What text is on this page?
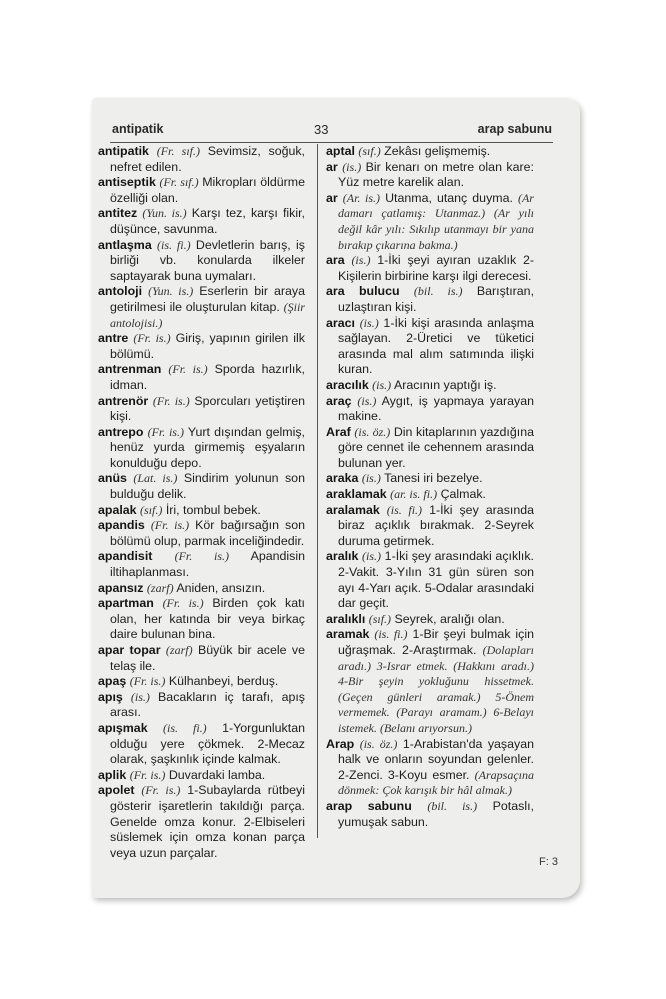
antipatik	33	arap sabunu

antipatik (Fr. sıf.) Sevimsiz, soğuk, nefret edilen.

antiseptik (Fr. sıf.) Mikropları öldürme özelliği olan.

antitez (Yun. is.) Karşı tez, karşı fikir, düşünce, savunma.

antlaşma (is. fi.) Devletlerin barış, iş birliği vb. konularda ilkeler saptayarak buna uymaları.

antoloji (Yun. is.) Eserlerin bir araya getirilmesi ile oluşturulan kitap. (Şiir antolojisi.)

antre (Fr. is.) Giriş, yapının girilen ilk bölümü.

antrenman (Fr. is.) Sporda hazırlık, idman.

antrenör (Fr. is.) Sporcuları yetiştiren kişi.

antrepo (Fr. is.) Yurt dışından gelmiş, henüz yurda girmemiş eşyaların konulduğu depo.

anüs (Lat. is.) Sindirim yolunun son bulduğu delik.

apalak (sıf.) İri, tombul bebek.

apandis (Fr. is.) Kör bağırsağın son bölümü olup, parmak inceliğindedir.

apandisit (Fr. is.) Apandisin iltihaplanması.

apansız (zarf) Aniden, ansızın.

apartman (Fr. is.) Birden çok katı olan, her katında bir veya birkaç daire bulunan bina.

apar topar (zarf) Büyük bir acele ve telaş ile.

apaş (Fr. is.) Külhanbeyi, berduş.

apış (is.) Bacakların iç tarafı, apış arası.

apışmak (is. fi.) 1-Yorgunluktan olduğu yere çökmek. 2-Mecaz olarak, şaşkınlık içinde kalmak.

aplik (Fr. is.) Duvardaki lamba.

apolet (Fr. is.) 1-Subaylarda rütbeyi gösterir işaretlerin takıldığı parça. Genelde omza konur. 2-Elbiseleri süslemek için omza konan parça veya uzun parçalar.

aptal (sıf.) Zekâsı gelişmemiş.

ar (is.) Bir kenarı on metre olan kare: Yüz metre karelik alan.

ar (Ar. is.) Utanma, utanç duyma. (Ar damarı çatlamış: Utanmaz.) (Ar yılı değil kâr yılı: Sıkılıp utanmayı bir yana bırakıp çıkarına bakma.)

ara (is.) 1-İki şeyi ayıran uzaklık 2-Kişilerin birbirine karşı ilgi derecesi.

ara bulucu (bil. is.) Barıştıran, uzlaştıran kişi.

aracı (is.) 1-İki kişi arasında anlaşma sağlayan. 2-Üretici ve tüketici arasında mal alım satımında ilişki kuran.

aracılık (is.) Aracının yaptığı iş.

araç (is.) Aygıt, iş yapmaya yarayan makine.

Araf (is. öz.) Din kitaplarının yazdığına göre cennet ile cehennem arasında bulunan yer.

araka (is.) Tanesi iri bezelye.

araklamak (ar. is. fi.) Çalmak.

aralamak (is. fi.) 1-İki şey arasında biraz açıklık bırakmak. 2-Seyrek duruma getirmek.

aralık (is.) 1-İki şey arasındaki açıklık. 2-Vakit. 3-Yılın 31 gün süren son ayı 4-Yarı açık. 5-Odalar arasındaki dar geçit.

aralıklı (sıf.) Seyrek, aralığı olan.

aramak (is. fi.) 1-Bir şeyi bulmak için uğraşmak. 2-Araştırmak. (Dolapları aradı.) 3-Israr etmek. (Hakkını aradı.) 4-Bir şeyin yokluğunu hissetmek. (Geçen günleri aramak.) 5-Önem vermemek. (Parayı aramam.) 6-Belayı istemek. (Belanı arıyorsun.)

Arap (is. öz.) 1-Arabistan'da yaşayan halk ve onların soyundan gelenler. 2-Zenci. 3-Koyu esmer. (Arapsaçına dönmek: Çok karışık bir hâl almak.)

arap sabunu (bil. is.) Potaslı, yumuşak sabun.

F: 3
